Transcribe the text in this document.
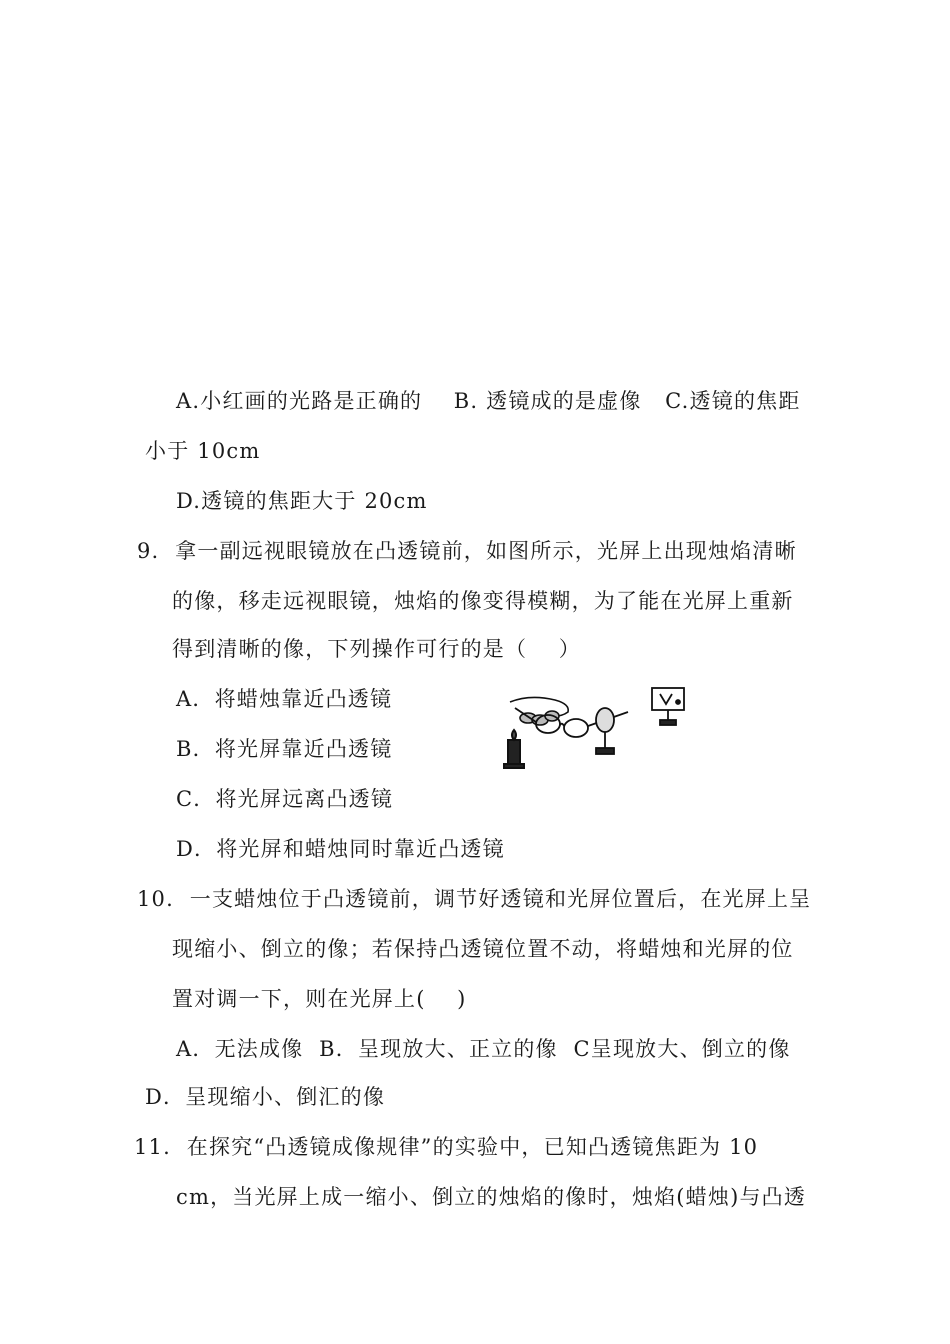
A.小红画的光路是正确的    B. 透镜成的是虚像   C.透镜的焦距
小于 10cm
D.透镜的焦距大于 20cm
9.  拿一副远视眼镜放在凸透镜前，如图所示，光屏上出现烛焰清晰
的像，移走远视眼镜，烛焰的像变得模糊，为了能在光屏上重新
得到清晰的像，下列操作可行的是（    ）
A．将蜡烛靠近凸透镜
B．将光屏靠近凸透镜
C．将光屏远离凸透镜
D．将光屏和蜡烛同时靠近凸透镜
10.  一支蜡烛位于凸透镜前，调节好透镜和光屏位置后，在光屏上呈
现缩小、倒立的像；若保持凸透镜位置不动，将蜡烛和光屏的位
置对调一下，则在光屏上(    )
A．无法成像  B．呈现放大、正立的像  C呈现放大、倒立的像
D．呈现缩小、倒汇的像
11.  在探究“凸透镜成像规律”的实验中，已知凸透镜焦距为 10
cm，当光屏上成一缩小、倒立的烛焰的像时，烛焰(蜡烛)与凸透
